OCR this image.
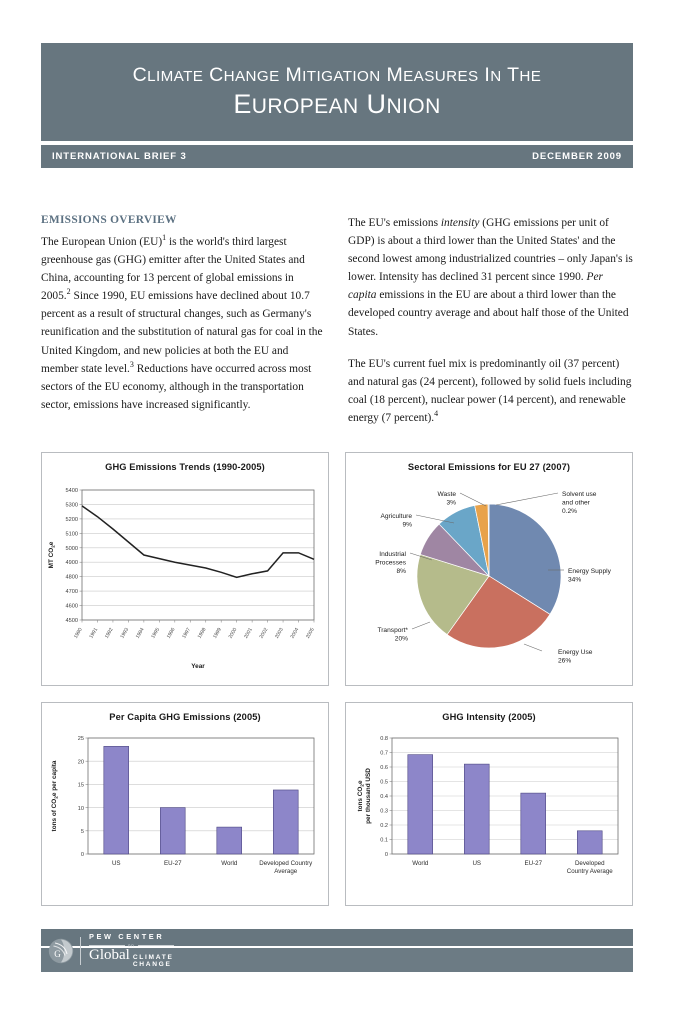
CLIMATE CHANGE MITIGATION MEASURES IN THE
EUROPEAN UNION
INTERNATIONAL BRIEF 3	DECEMBER 2009
EMISSIONS OVERVIEW

The European Union (EU)$^1$ is the world's third largest greenhouse gas (GHG) emitter after the United States and China, accounting for 13 percent of global emissions in 2005.$^2$ Since 1990, EU emissions have declined about 10.7 percent as a result of structural changes, such as Germany's reunification and the substitution of natural gas for coal in the United Kingdom, and new policies at both the EU and member state level.$^3$ Reductions have occurred across most sectors of the EU economy, although in the transportation sector, emissions have increased significantly.

The EU's emissions intensity (GHG emissions per unit of GDP) is about a third lower than the United States' and the second lowest among industrialized countries – only Japan's is lower. Intensity has declined 31 percent since 1990. Per capita emissions in the EU are about a third lower than the developed country average and about half those of the United States.

The EU's current fuel mix is predominantly oil (37 percent) and natural gas (24 percent), followed by solid fuels including coal (18 percent), nuclear power (14 percent), and renewable energy (7 percent).$^4$

GHG Emissions Trends (1990-2005)
4500
4600
4700
4800
4900
5000
5100
5200
5300
5400
1990 1991 1992 1993 1994 1995 1996 1997 1998 1999 2000 2001 2002 2003 2004 2005
MT $CO_2e$
Year
Sectoral Emissions for EU 27 (2007)
Energy Supply
34%
Energy Use
26%
Transport*
20%
Industrial
Processes
8%
Agriculture
9%
Waste
3%
Solvent use
and other
0.2%
Per Capita GHG Emissions (2005)
0
5
10
15
20
25
US	EU-27	World	Developed Country
Average
tons of $CO_2e$ per capita
GHG Intensity (2005)
0
0.1
0.2
0.3
0.4
0.5
0.6
0.7
0.8
World	US	EU-27	Developed
Country Average
tons $CO_2eper$ thousand USD
G
PEW CENTER
on
Global CLIMATE
CHANGE
